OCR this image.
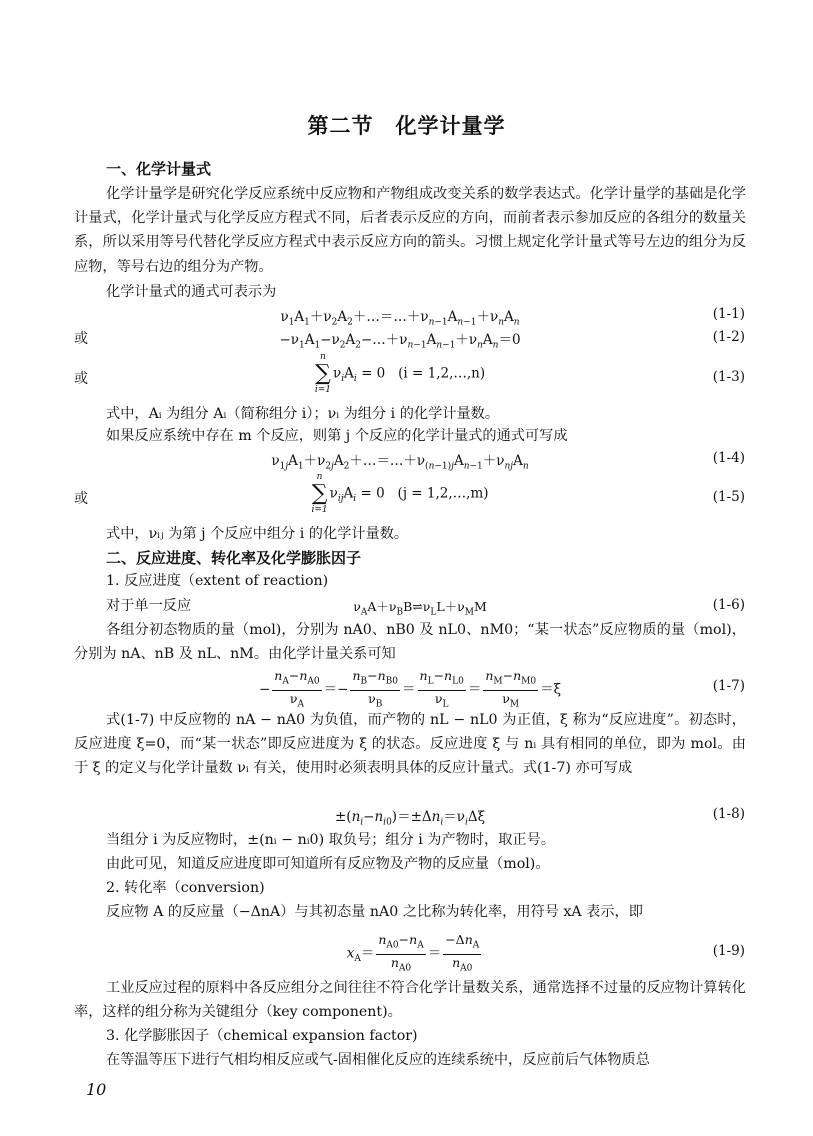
第二节　化学计量学
一、化学计量式
化学计量学是研究化学反应系统中反应物和产物组成改变关系的数学表达式。化学计量学的基础是化学计量式，化学计量式与化学反应方程式不同，后者表示反应的方向，而前者表示参加反应的各组分的数量关系，所以采用等号代替化学反应方程式中表示反应方向的箭头。习惯上规定化学计量式等号左边的组分为反应物，等号右边的组分为产物。
化学计量式的通式可表示为
$\nu_1A_1+\nu_2A_2+\dots=\dots+\nu_{n-1}A_{n-1}+\nu_nA_n$
(1-1)
或	$-\nu_1A_1-\nu_2A_2-\dots+\nu_{n-1}A_{n-1}+\nu_nA_n=0$	(1-2)
或
n
∑
i=1
$\nu_iA_i = 0$   (i = 1,2,…,n)	(1-3)
式中，Aᵢ 为组分 Aᵢ（简称组分 i）；νᵢ 为组分 i 的化学计量数。
如果反应系统中存在 m 个反应，则第 j 个反应的化学计量式的通式可写成
$\nu_{1j}A_1+\nu_{2j}A_2+\dots=\dots+\nu_{(n-1)j}A_{n-1}+\nu_{nj}A_n$
(1-4)
或
n
∑
i=1
$\nu_{ij}A_i = 0$   (j = 1,2,…,m)	(1-5)
式中，νᵢⱼ 为第 j 个反应中组分 i 的化学计量数。
二、反应进度、转化率及化学膨胀因子
1. 反应进度（extent of reaction)
对于单一反应	$\nu_AA+\nu_BB\rightleftharpoons\nu_LL+\nu_MM$	(1-6)
各组分初态物质的量（mol)，分别为 nA0、nB0 及 nL0、nM0；“某一状态”反应物质的量（mol)，分别为 nA、nB 及 nL、nM。由化学计量关系可知
− $\frac{n_A-n_{A0}}{\nu_A} =- \frac{n_B-n_{B0}}{\nu_B} = \frac{n_L-n_{L0}}{\nu_L} = \frac{n_M-n_{M0}}{\nu_M} =\xi$	(1-7)
式(1-7) 中反应物的 nA − nA0 为负值，而产物的 nL − nL0 为正值，ξ 称为“反应进度”。初态时，反应进度 ξ=0，而“某一状态”即反应进度为 ξ 的状态。反应进度 ξ 与 nᵢ 具有相同的单位，即为 mol。由于 ξ 的定义与化学计量数 νᵢ 有关，使用时必须表明具体的反应计量式。式(1-7) 亦可写成
$\pm(n_i-n_{i0})=\pm\Delta n_i=\nu_i\Delta\xi$	(1-8)
当组分 i 为反应物时，±(nᵢ − nᵢ0) 取负号；组分 i 为产物时，取正号。
由此可见，知道反应进度即可知道所有反应物及产物的反应量（mol)。
2. 转化率（conversion)
反应物 A 的反应量（−ΔnA）与其初态量 nA0 之比称为转化率，用符号 xA 表示，即
$x_A= \frac{n_{A0}-n_A}{n_{A0}} = \frac{-\Delta n_A}{n_{A0}}$	(1-9)
工业反应过程的原料中各反应组分之间往往不符合化学计量数关系，通常选择不过量的反应物计算转化率，这样的组分称为关键组分（key component)。
3. 化学膨胀因子（chemical expansion factor)
在等温等压下进行气相均相反应或气-固相催化反应的连续系统中，反应前后气体物质总
10
